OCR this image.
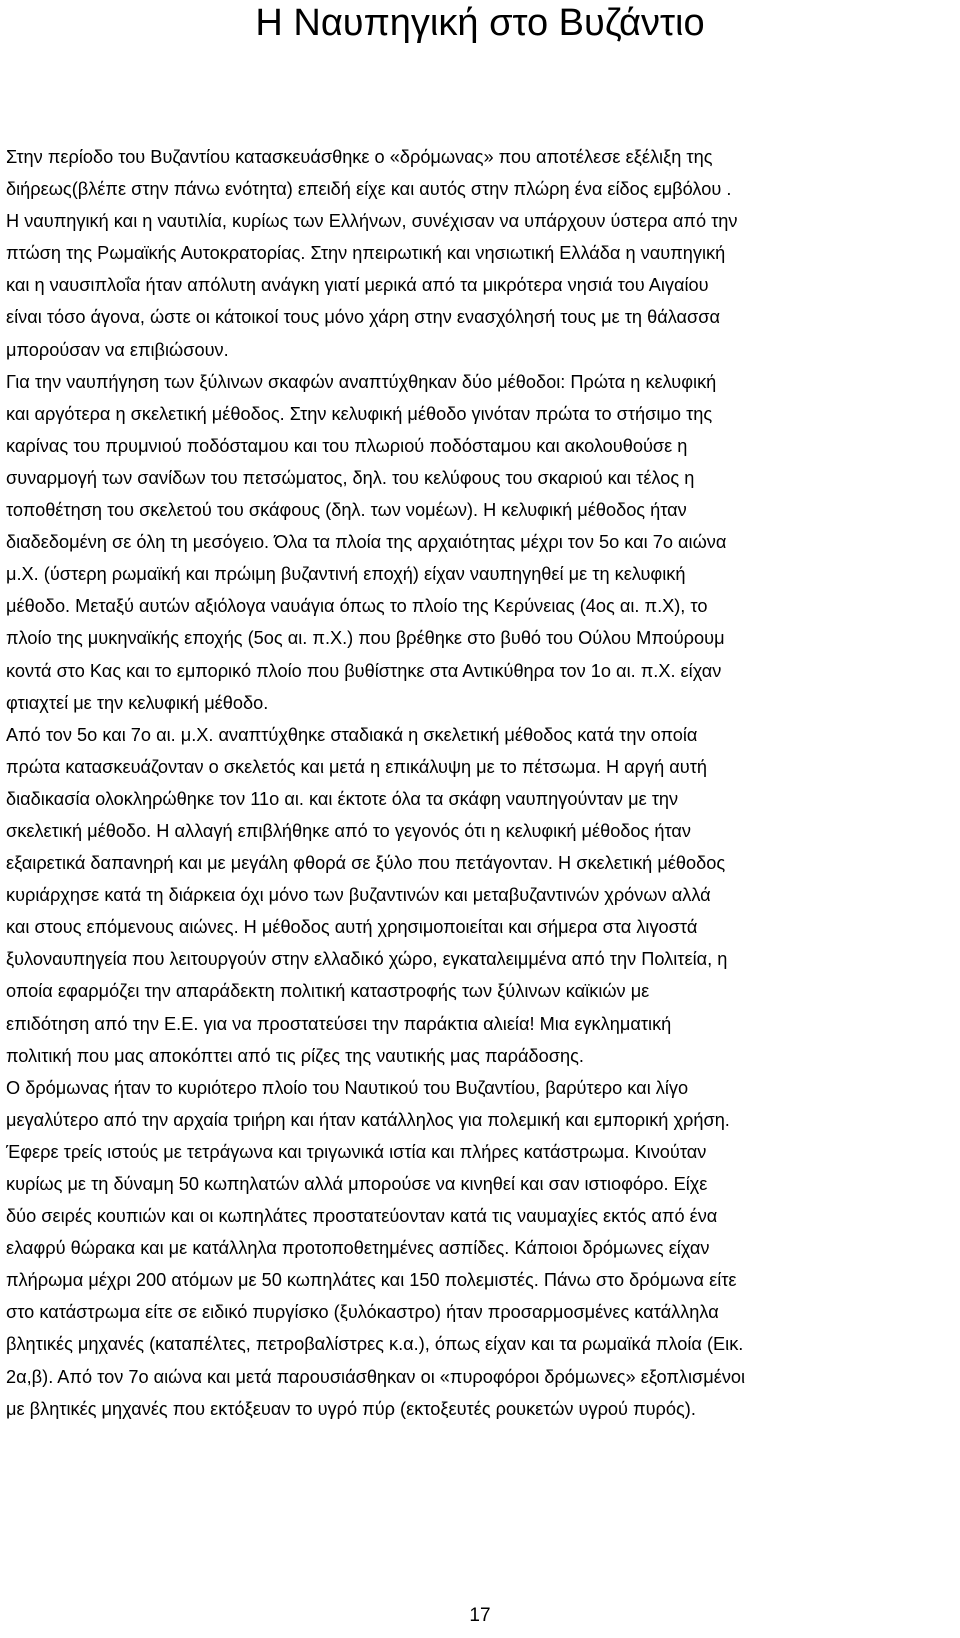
Η Ναυπηγική στο Βυζάντιο
Στην περίοδο του Βυζαντίου κατασκευάσθηκε ο «δρόμωνας» που αποτέλεσε εξέλιξη της
διήρεως(βλέπε στην πάνω ενότητα) επειδή είχε και αυτός στην πλώρη ένα είδος εμβόλου .
Η ναυπηγική και η ναυτιλία, κυρίως των Ελλήνων, συνέχισαν να υπάρχουν ύστερα από την
πτώση της Ρωμαϊκής Αυτοκρατορίας. Στην ηπειρωτική και νησιωτική Ελλάδα η ναυπηγική
και η ναυσιπλοΐα ήταν απόλυτη ανάγκη γιατί μερικά από τα μικρότερα νησιά του Αιγαίου
είναι τόσο άγονα, ώστε οι κάτοικοί τους μόνο χάρη στην ενασχόλησή τους με τη θάλασσα
μπορούσαν να επιβιώσουν.
Για την ναυπήγηση των ξύλινων σκαφών αναπτύχθηκαν δύο μέθοδοι: Πρώτα η κελυφική
και αργότερα η σκελετική μέθοδος. Στην κελυφική μέθοδο γινόταν πρώτα το στήσιμο της
καρίνας του πρυμνιού ποδόσταμου και του πλωριού ποδόσταμου και ακολουθούσε η
συναρμογή των σανίδων του πετσώματος, δηλ. του κελύφους του σκαριού και τέλος η
τοποθέτηση του σκελετού του σκάφους (δηλ. των νομέων). Η κελυφική μέθοδος ήταν
διαδεδομένη σε όλη τη μεσόγειο. Όλα τα πλοία της αρχαιότητας μέχρι τον 5ο και 7ο αιώνα
μ.Χ. (ύστερη ρωμαϊκή και πρώιμη βυζαντινή εποχή) είχαν ναυπηγηθεί με τη κελυφική
μέθοδο. Μεταξύ αυτών αξιόλογα ναυάγια όπως το πλοίο της Κερύνειας (4ος αι. π.Χ), το
πλοίο της μυκηναϊκής εποχής (5ος αι. π.Χ.) που βρέθηκε στο βυθό του Ούλου Μπούρουμ
κοντά στο Κας και το εμπορικό πλοίο που βυθίστηκε στα Αντικύθηρα τον 1ο αι. π.Χ. είχαν
φτιαχτεί με την κελυφική μέθοδο.
Από τον 5ο και 7ο αι. μ.Χ. αναπτύχθηκε σταδιακά η σκελετική μέθοδος κατά την οποία
πρώτα κατασκευάζονταν ο σκελετός και μετά η επικάλυψη με το πέτσωμα. Η αργή αυτή
διαδικασία ολοκληρώθηκε τον 11ο αι. και έκτοτε όλα τα σκάφη ναυπηγούνταν με την
σκελετική μέθοδο. Η αλλαγή επιβλήθηκε από το γεγονός ότι η κελυφική μέθοδος ήταν
εξαιρετικά δαπανηρή και με μεγάλη φθορά σε ξύλο που πετάγονταν. Η σκελετική μέθοδος
κυριάρχησε κατά τη διάρκεια όχι μόνο των βυζαντινών και μεταβυζαντινών χρόνων αλλά
και στους επόμενους αιώνες. Η μέθοδος αυτή χρησιμοποιείται και σήμερα στα λιγοστά
ξυλοναυπηγεία που λειτουργούν στην ελλαδικό χώρο, εγκαταλειμμένα από την Πολιτεία, η
οποία εφαρμόζει την απαράδεκτη πολιτική καταστροφής των ξύλινων καϊκιών με
επιδότηση από την Ε.Ε. για να προστατεύσει την παράκτια αλιεία! Μια εγκληματική
πολιτική που μας αποκόπτει από τις ρίζες της ναυτικής μας παράδοσης.
Ο δρόμωνας ήταν το κυριότερο πλοίο του Ναυτικού του Βυζαντίου, βαρύτερο και λίγο
μεγαλύτερο από την αρχαία τριήρη και ήταν κατάλληλος για πολεμική και εμπορική χρήση.
Έφερε τρείς ιστούς με τετράγωνα και τριγωνικά ιστία και πλήρες κατάστρωμα. Κινούταν
κυρίως με τη δύναμη 50 κωπηλατών αλλά μπορούσε να κινηθεί και σαν ιστιοφόρο. Είχε
δύο σειρές κουπιών και οι κωπηλάτες προστατεύονταν κατά τις ναυμαχίες εκτός από ένα
ελαφρύ θώρακα και με κατάλληλα προτοποθετημένες ασπίδες. Κάποιοι δρόμωνες είχαν
πλήρωμα μέχρι 200 ατόμων με 50 κωπηλάτες και 150 πολεμιστές. Πάνω στο δρόμωνα είτε
στο κατάστρωμα είτε σε ειδικό πυργίσκο (ξυλόκαστρο) ήταν προσαρμοσμένες κατάλληλα
βλητικές μηχανές (καταπέλτες, πετροβαλίστρες κ.α.), όπως είχαν και τα ρωμαϊκά πλοία (Εικ.
2α,β). Από τον 7ο αιώνα και μετά παρουσιάσθηκαν οι «πυροφόροι δρόμωνες» εξοπλισμένοι
με βλητικές μηχανές που εκτόξευαν το υγρό πύρ (εκτοξευτές ρουκετών υγρού πυρός).
17
